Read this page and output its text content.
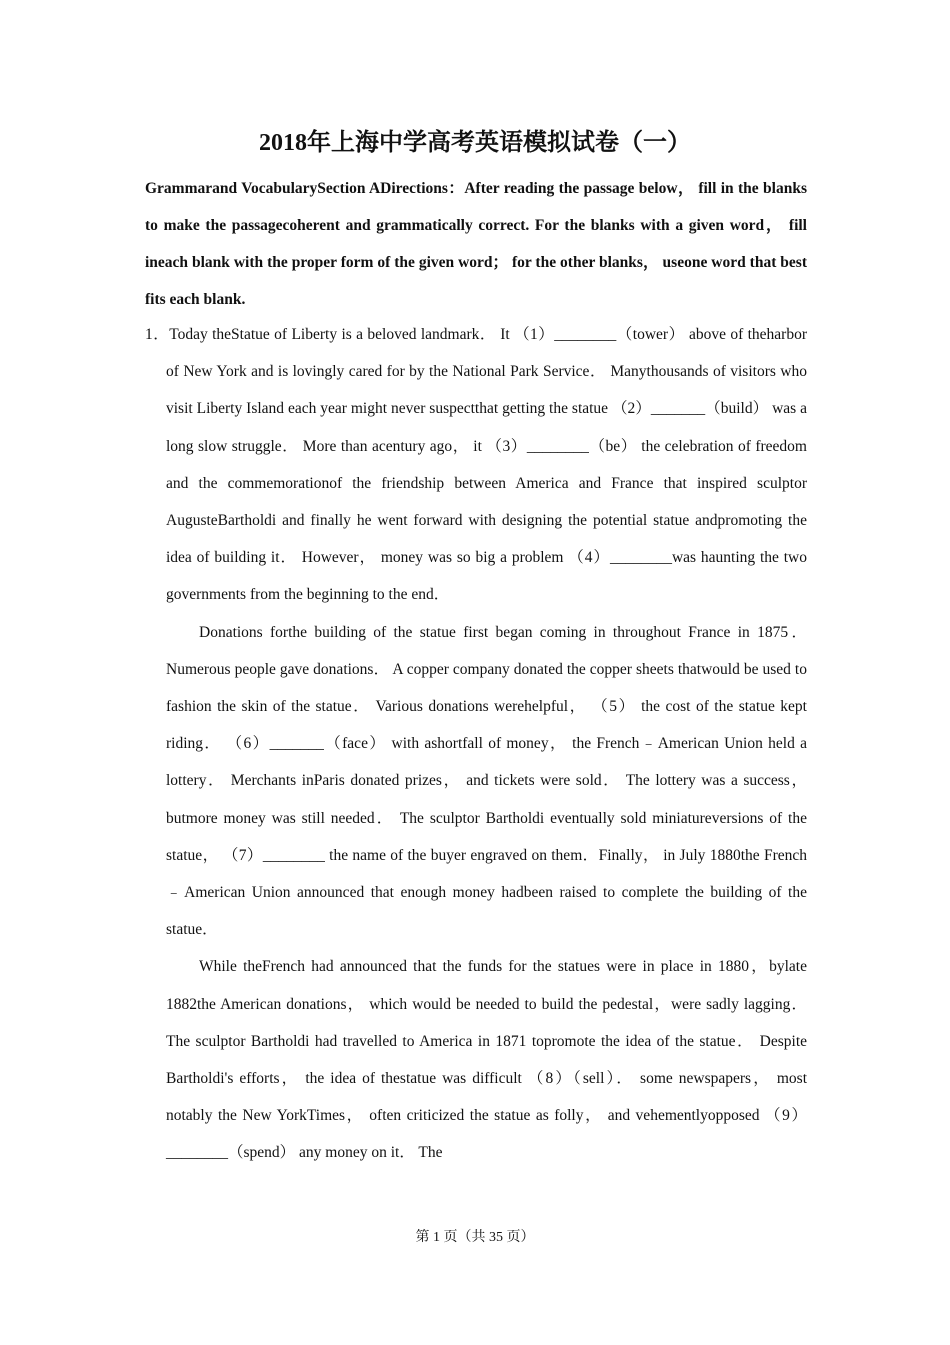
2018年上海中学高考英语模拟试卷（一）

Grammarand VocabularySection ADirections：After reading the passage below， fill in the blanks to make the passagecoherent and grammatically correct. For the blanks with a given word， fill ineach blank with the proper form of the given word； for the other blanks， useone word that best fits each blank.

1．Today theStatue of Liberty is a beloved landmark． It （1）________（tower） above of theharbor of New York and is lovingly cared for by the National Park Service． Manythousands of visitors who visit Liberty Island each year might never suspectthat getting the statue （2）_______（build） was a long slow struggle． More than acentury ago， it （3）________（be） the celebration of freedom and the commemorationof the friendship between America and France that inspired sculptor AugusteBartholdi and finally he went forward with designing the potential statue andpromoting the idea of building it． However， money was so big a problem （4）________was haunting the two governments from the beginning to the end．

Donations forthe building of the statue first began coming in throughout France in 1875．Numerous people gave donations． A copper company donated the copper sheets thatwould be used to fashion the skin of the statue． Various donations werehelpful， （5） the cost of the statue kept riding． （6）_______（face） with ashortfall of money， the French﹣American Union held a lottery． Merchants inParis donated prizes， and tickets were sold． The lottery was a success， butmore money was still needed． The sculptor Bartholdi eventually sold miniatureversions of the statue， （7）________ the name of the buyer engraved on them．Finally， in July 1880the French﹣American Union announced that enough money hadbeen raised to complete the building of the statue．

While theFrench had announced that the funds for the statues were in place in 1880，bylate 1882the American donations， which would be needed to build the pedestal，were sadly lagging． The sculptor Bartholdi had travelled to America in 1871 topromote the idea of the statue． Despite Bartholdi's efforts， the idea of thestatue was difficult （8）（sell）． some newspapers， most notably the New YorkTimes， often criticized the statue as folly， and vehementlyopposed （9）________（spend） any money on it． The

第 1 页（共 35 页）
